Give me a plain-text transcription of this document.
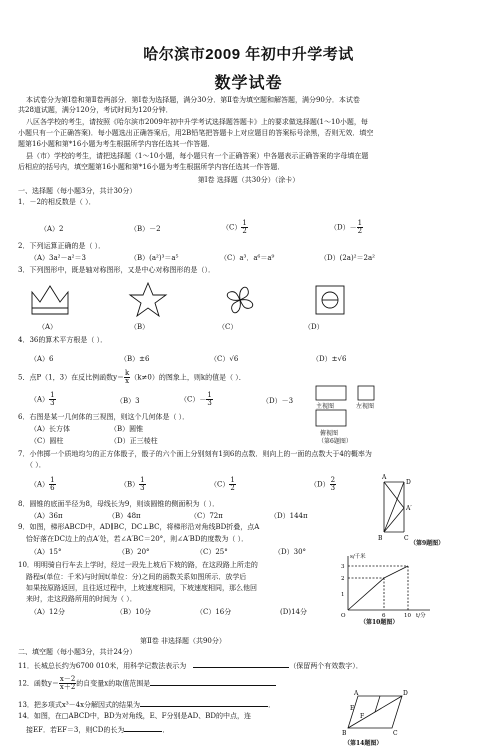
哈尔滨市2009 年初中升学考试
数学试卷
本试卷分为第Ⅰ卷和第Ⅱ卷两部分．第Ⅰ卷为选择题，满分30分．第Ⅱ卷为填空题和解答题，满分90分．本试卷
共28道试题，满分120分，考试时间为120分钟．
八区各学校的考生，请按照《哈尔滨市2009年初中升学考试选择题答题卡》上的要求做选择题(1～10小题，每
小题只有一个正确答案)．每小题选出正确答案后，用2B铅笔把答题卡上对应题目的答案标号涂黑，否则无效．填空
题第16小题和第*16小题为考生根据所学内容任选其一作答题．
县（市）学校的考生，请把选择题（1～10小题，每小题只有一个正确答案）中各题表示正确答案的字母填在题
后相应的括号内，填空题第16小题和第*16小题为考生根据所学内容任选其一作答题．
第Ⅰ卷 选择题（共30分）（涂卡）
一、选择题（每小题3分，共计30分）
1．－2的相反数是（ ）．
（A）2	（B）－2	$(C) \frac{1}{2}$	$(D)- \frac{1}{2}$
2．下列运算正确的是（ ）．
（A）3a²－a²＝3	（B）(a²)³＝a⁵	（C）a³．a⁶＝a⁹	（D）(2a)²＝2a²
3．下列图形中，既是轴对称图形，又是中心对称图形的是（）．
（A）	（B）	（C）	（D）
4．36的算术平方根是（ ）．
（A）6	（B）±6	（C）√6	（D）±√6
5．点P（1，3）在反比例函数$y= \frac{k}{x} (k\ne 0)$的图象上，则k的值是（ ）．
$(A) \frac{1}{3}$	（B）3	$(C)- \frac{1}{3}$	（D）－3
主视图	左视图
俯视图
（第6题图）
6．右图是某一几何体的三视图，则这个几何体是（ ）．
（A）长方体	（B）圆锥
（C）圆柱	（D）正三棱柱
7．小伟掷一个质地均匀的正方体骰子，骰子的六个面上分别刻有1到6的点数．则向上的一面的点数大于4的概率为
（ ）．
$(A) \frac{1}{6}$	$(B) \frac{1}{3}$	$(C) \frac{1}{2}$	$(D) \frac{2}{3}$	A
D
A′
B	C
（第9题图）
8．圆锥的底面半径为8，母线长为9，则该圆锥的侧面积为（ ）．
（A）36π	（B）48π	（C）72π	（D）144π
9．如图，梯形ABCD中，AD∥BC，DC⊥BC，将梯形沿对角线BD折叠，点A
恰好落在DC边上的点A′处，若∠A′BC＝20°，则∠A′BD的度数为（ ）．
（A）15°	（B）20°	（C）25°	（D）30°
10．明明骑自行车去上学时，经过一段先上坡后下坡的路，在这段路上所走的
路程s(单位：千米)与时间t(单位：分)之间的函数关系如图所示．放学后
如果按原路返回，且往返过程中，上坡速度相同，下坡速度相同，那么他回
来时，走这段路所用的时间为（ ）．
（A）12分	（B）10分	（C）16分	(D)14分
s/千米
t/分
3
2
1
O	6	10
（第10题图）
第Ⅱ卷 非选择题（共90分）
二、填空题（每小题3分，共计24分）
11．长城总长约为6700 010米，用科学记数法表示为　	（保留两个有效数字）．
12．函数$y= \frac{x-2}{x+2}$ 的自变量x的取值范围是
13．把多项式x³－4x分解因式的结果为	．
14．如图，在□ABCD中，BD为对角线，E、F分别是AD、BD的中点，连
接EF．若EF＝3，则CD的长为	．
A	D
E
F
B	C
（第14题图）
